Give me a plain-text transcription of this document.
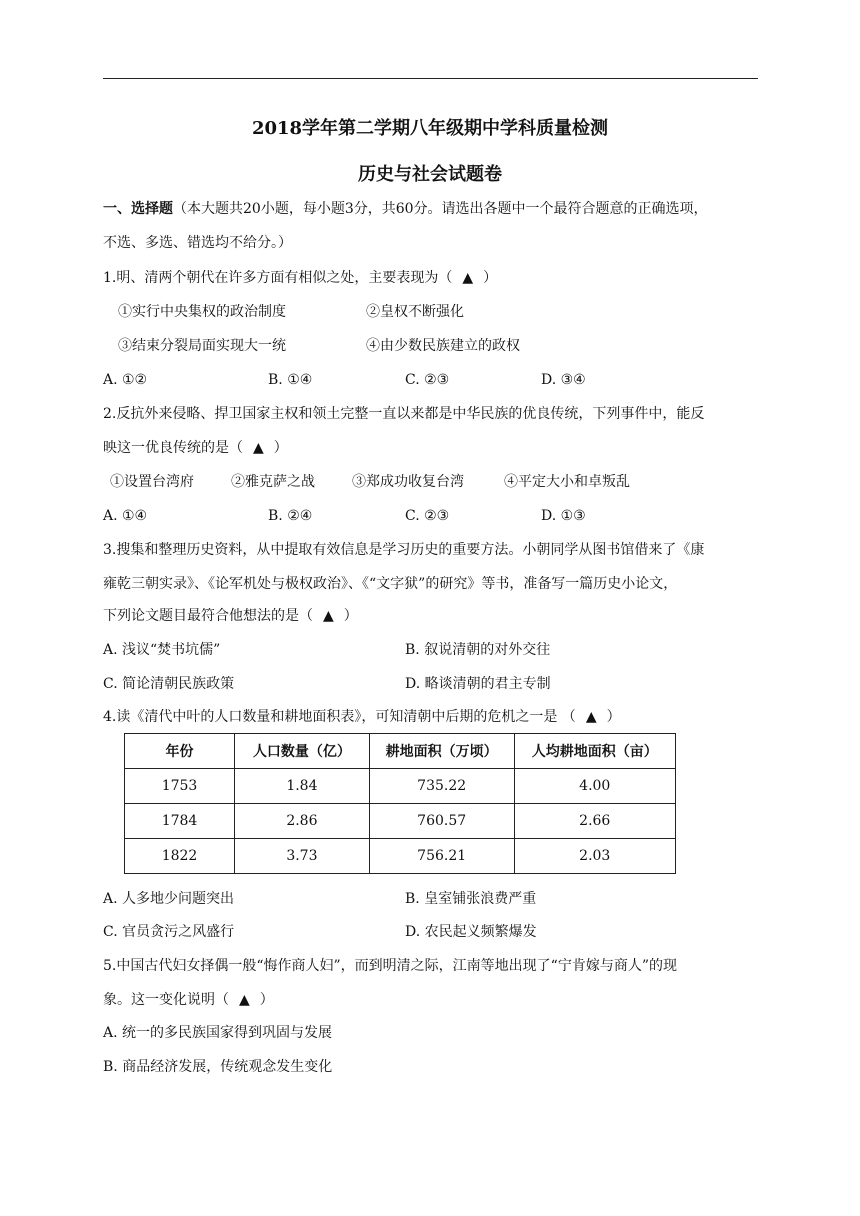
2018学年第二学期八年级期中学科质量检测
历史与社会试题卷
一、选择题（本大题共20小题，每小题3分，共60分。请选出各题中一个最符合题意的正确选项，
不选、多选、错选均不给分。）
1.明、清两个朝代在许多方面有相似之处，主要表现为（ ▲ ）
①实行中央集权的政治制度	②皇权不断强化
③结束分裂局面实现大一统	④由少数民族建立的政权
A. ①②	B. ①④	C. ②③	D. ③④
2.反抗外来侵略、捍卫国家主权和领土完整一直以来都是中华民族的优良传统，下列事件中，能反
映这一优良传统的是（ ▲ ）
①设置台湾府	②雅克萨之战	③郑成功收复台湾	④平定大小和卓叛乱
A. ①④	B. ②④	C. ②③	D. ①③
3.搜集和整理历史资料，从中提取有效信息是学习历史的重要方法。小朝同学从图书馆借来了《康
雍乾三朝实录》、《论军机处与极权政治》、《“文字狱”的研究》等书，准备写一篇历史小论文，
下列论文题目最符合他想法的是（ ▲ ）
A. 浅议“焚书坑儒”	B. 叙说清朝的对外交往
C. 简论清朝民族政策	D. 略谈清朝的君主专制
4.读《清代中叶的人口数量和耕地面积表》，可知清朝中后期的危机之一是 （ ▲ ）
年份	人口数量（亿）	耕地面积（万顷）	人均耕地面积（亩）
1753	1.84	735.22	4.00
1784	2.86	760.57	2.66
1822	3.73	756.21	2.03
A. 人多地少问题突出	B. 皇室铺张浪费严重
C. 官员贪污之风盛行	D. 农民起义频繁爆发
5.中国古代妇女择偶一般“悔作商人妇”，而到明清之际，江南等地出现了“宁肯嫁与商人”的现
象。这一变化说明（ ▲ ）
A. 统一的多民族国家得到巩固与发展
B. 商品经济发展，传统观念发生变化
